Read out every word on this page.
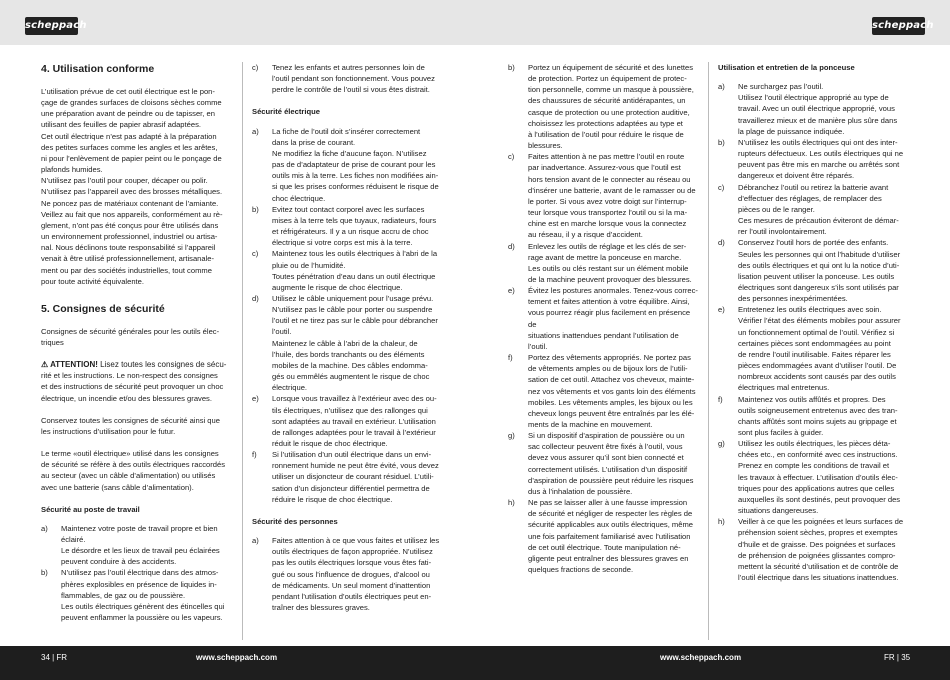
scheppach	scheppach

4. Utilisation conforme

L’utilisation prévue de cet outil électrique est le pon-

çage de grandes surfaces de cloisons sèches comme

une préparation avant de peindre ou de tapisser, en

utilisant des feuilles de papier abrasif adaptées.

Cet outil électrique n’est pas adapté à la préparation

des petites surfaces comme les angles et les arêtes,

ni pour l’enlèvement de papier peint ou le ponçage de

plafonds humides.

N’utilisez pas l’outil pour couper, décaper ou polir.

N’utilisez pas l’appareil avec des brosses métalliques.

Ne poncez pas de matériaux contenant de l’amiante.

Veillez au fait que nos appareils, conformément au rè-

glement, n’ont pas été conçus pour être utilisés dans

un environnement professionnel, industriel ou artisa-

nal. Nous déclinons toute responsabilité si l’appareil

venait à être utilisé professionnellement, artisanale-

ment ou par des sociétés industrielles, tout comme

pour toute activité équivalente.

5. Consignes de sécurité

Consignes de sécurité générales pour les outils élec-

triques

⚠ ATTENTION! Lisez toutes les consignes de sécu-

rité et les instructions. Le non-respect des consignes

et des instructions de sécurité peut provoquer un choc

électrique, un incendie et/ou des blessures graves.

Conservez toutes les consignes de sécurité ainsi que

les instructions d’utilisation pour le futur.

Le terme «outil électrique» utilisé dans les consignes

de sécurité se réfère à des outils électriques raccordés

au secteur (avec un câble d’alimentation) ou utilisés

avec une batterie (sans câble d’alimentation).

Sécurité au poste de travail

a)	Maintenez votre poste de travail propre et bien

éclairé.

Le désordre et les lieux de travail peu éclairées

peuvent conduire à des accidents.

b)	N’utilisez pas l’outil électrique dans des atmos-

phères explosibles en présence de liquides in-

flammables, de gaz ou de poussière.

Les outils électriques génèrent des étincelles qui

peuvent enflammer la poussière ou les vapeurs.

c)	Tenez les enfants et autres personnes loin de

l’outil pendant son fonctionnement. Vous pouvez

perdre le contrôle de l’outil si vous êtes distrait.

Sécurité électrique

a)	La fiche de l’outil doit s’insérer correctement

dans la prise de courant.

Ne modifiez la fiche d’aucune façon. N’utilisez

pas de d’adaptateur de prise de courant pour les

outils mis à la terre. Les fiches non modifiées ain-

si que les prises conformes réduisent le risque de

choc électrique.

b)	Evitez tout contact corporel avec les surfaces

mises à la terre tels que tuyaux, radiateurs, fours

et réfrigérateurs. Il y a un risque accru de choc

électrique si votre corps est mis à la terre.

c)	Maintenez tous les outils électriques à l’abri de la

pluie ou de l’humidité.

Toutes pénétration d’eau dans un outil électrique

augmente le risque de choc électrique.

d)	Utilisez le câble uniquement pour l’usage prévu.

N’utilisez pas le câble pour porter ou suspendre

l’outil et ne tirez pas sur le câble pour débrancher

l’outil.

Maintenez le câble à l’abri de la chaleur, de

l’huile, des bords tranchants ou des éléments

mobiles de la machine. Des câbles endomma-

gés ou emmêlés augmentent le risque de choc

électrique.

e)	Lorsque vous travaillez à l’extérieur avec des ou-

tils électriques, n’utilisez que des rallonges qui

sont adaptées au travail en extérieur. L’utilisation

de rallonges adaptées pour le travail à l’extérieur

réduit le risque de choc électrique.

f)	Si l’utilisation d’un outil électrique dans un envi-

ronnement humide ne peut être évité, vous devez

utiliser un disjoncteur de courant résiduel. L’utili-

sation d’un disjoncteur différentiel permettra de

réduire le risque de choc électrique.

Sécurité des personnes

a)	Faites attention à ce que vous faites et utilisez les

outils électriques de façon appropriée. N’utilisez

pas les outils électriques lorsque vous êtes fati-

gué ou sous l’influence de drogues, d’alcool ou

de médicaments. Un seul moment d’inattention

pendant l’utilisation d’outils électriques peut en-

traîner des blessures graves.

b)	Portez un équipement de sécurité et des lunettes

de protection. Portez un équipement de protec-

tion personnelle, comme un masque à poussière,

des chaussures de sécurité antidérapantes, un

casque de protection ou une protection auditive,

choisissez les protections adaptées au type et

à l’utilisation de l’outil pour réduire le risque de

blessures.

c)	Faites attention à ne pas mettre l’outil en route

par inadvertance. Assurez-vous que l’outil est

hors tension avant de le connecter au réseau ou

d’insérer une batterie, avant de le ramasser ou de

le porter. Si vous avez votre doigt sur l’interrup-

teur lorsque vous transportez l’outil ou si la ma-

chine est en marche lorsque vous la connectez

au réseau, il y a risque d’accident.

d)	Enlevez les outils de réglage et les clés de ser-

rage avant de mettre la ponceuse en marche.

Les outils ou clés restant sur un élément mobile

de la machine peuvent provoquer des blessures.

e)	Évitez les postures anormales. Tenez-vous correc-

tement et faites attention à votre équilibre. Ainsi,

vous pourrez réagir plus facilement en présence de

situations inattendues pendant l’utilisation de l’outil.

f)	Portez des vêtements appropriés. Ne portez pas

de vêtements amples ou de bijoux lors de l’utili-

sation de cet outil. Attachez vos cheveux, mainte-

nez vos vêtements et vos gants loin des éléments

mobiles. Les vêtements amples, les bijoux ou les

cheveux longs peuvent être entraînés par les élé-

ments de la machine en mouvement.

g)	Si un dispositif d’aspiration de poussière ou un

sac collecteur peuvent être fixés à l’outil, vous

devez vous assurer qu’il sont bien connecté et

correctement utilisés. L’utilisation d’un dispositif

d’aspiration de poussière peut réduire les risques

dus à l’inhalation de poussière.

h)	Ne pas se laisser aller à une fausse impression

de sécurité et négliger de respecter les règles de

sécurité applicables aux outils électriques, même

une fois parfaitement familiarisé avec l’utilisation

de cet outil électrique. Toute manipulation né-

gligente peut entraîner des blessures graves en

quelques fractions de seconde.

Utilisation et entretien de la ponceuse

a)	Ne surchargez pas l’outil.

Utilisez l’outil électrique approprié au type de

travail. Avec un outil électrique approprié, vous

travaillerez mieux et de manière plus sûre dans

la plage de puissance indiquée.

b)	N’utilisez les outils électriques qui ont des inter-

rupteurs défectueux. Les outils électriques qui ne

peuvent pas être mis en marche ou arrêtés sont

dangereux et doivent être réparés.

c)	Débranchez l’outil ou retirez la batterie avant

d’effectuer des réglages, de remplacer des

pièces ou de le ranger.

Ces mesures de précaution éviteront de démar-

rer l’outil involontairement.

d)	Conservez l’outil hors de portée des enfants.

Seules les personnes qui ont l’habitude d’utiliser

des outils électriques et qui ont lu la notice d’uti-

lisation peuvent utiliser la ponceuse. Les outils

électriques sont dangereux s’ils sont utilisés par

des personnes inexpérimentées.

e)	Entretenez les outils électriques avec soin.

Vérifier l’état des éléments mobiles pour assurer

un fonctionnement optimal de l’outil. Vérifiez si

certaines pièces sont endommagées au point

de rendre l’outil inutilisable. Faites réparer les

pièces endommagées avant d’utiliser l’outil. De

nombreux accidents sont causés par des outils

électriques mal entretenus.

f)	Maintenez vos outils affûtés et propres. Des

outils soigneusement entretenus avec des tran-

chants affûtés sont moins sujets au grippage et

sont plus faciles à guider.

g)	Utilisez les outils électriques, les pièces déta-

chées etc., en conformité avec ces instructions.

Prenez en compte les conditions de travail et

les travaux à effectuer. L’utilisation d’outils élec-

triques pour des applications autres que celles

auxquelles ils sont destinés, peut provoquer des

situations dangereuses.

h)	Veiller à ce que les poignées et leurs surfaces de

préhension soient sèches, propres et exemptes

d’huile et de graisse. Des poignées et surfaces

de préhension de poignées glissantes compro-

mettent la sécurité d’utilisation et de contrôle de

l’outil électrique dans les situations inattendues.

34 | FR	www.scheppach.com	www.scheppach.com	FR | 35
